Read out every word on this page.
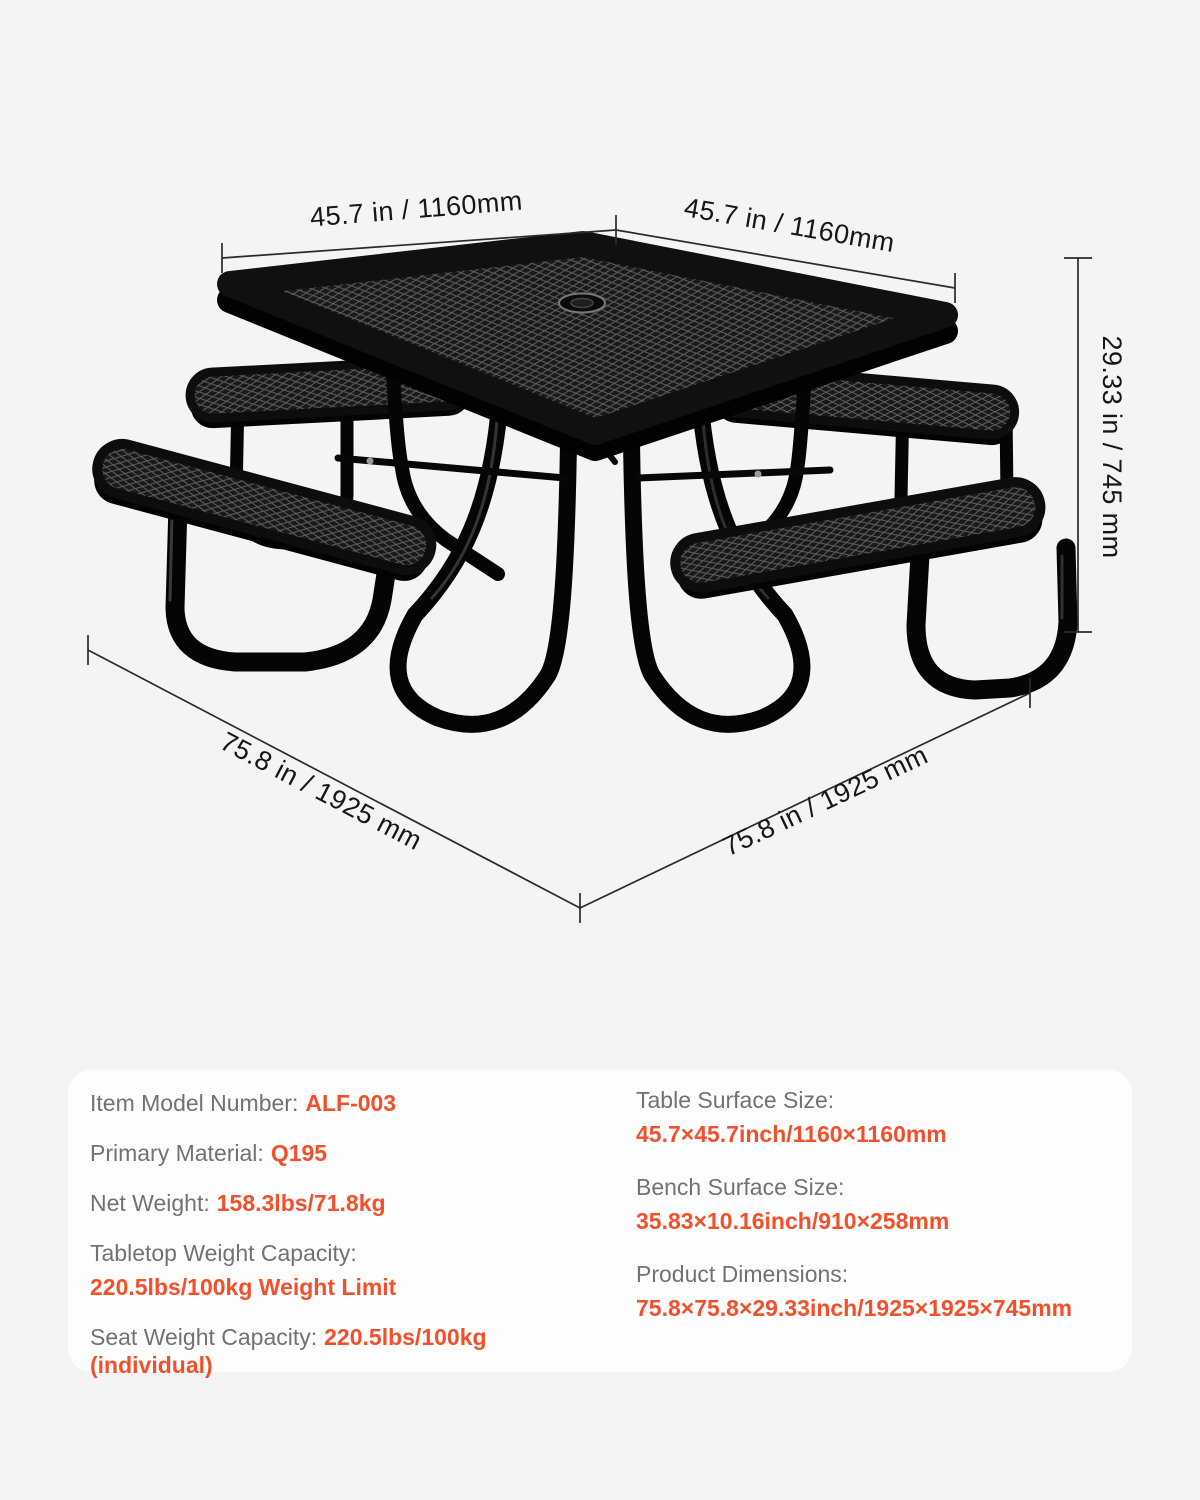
45.7 in / 1160mm	45.7 in / 1160mm
29.33 in / 745 mm
75.8 in / 1925 mm	75.8 in / 1925 mm
Item Model Number: ALF-003
Primary Material: Q195
Net Weight: 158.3lbs/71.8kg
Tabletop Weight Capacity:
220.5lbs/100kg Weight Limit
Seat Weight Capacity: 220.5lbs/100kg (individual)
Table Surface Size:
45.7×45.7inch/1160×1160mm
Bench Surface Size:
35.83×10.16inch/910×258mm
Product Dimensions:
75.8×75.8×29.33inch/1925×1925×745mm
